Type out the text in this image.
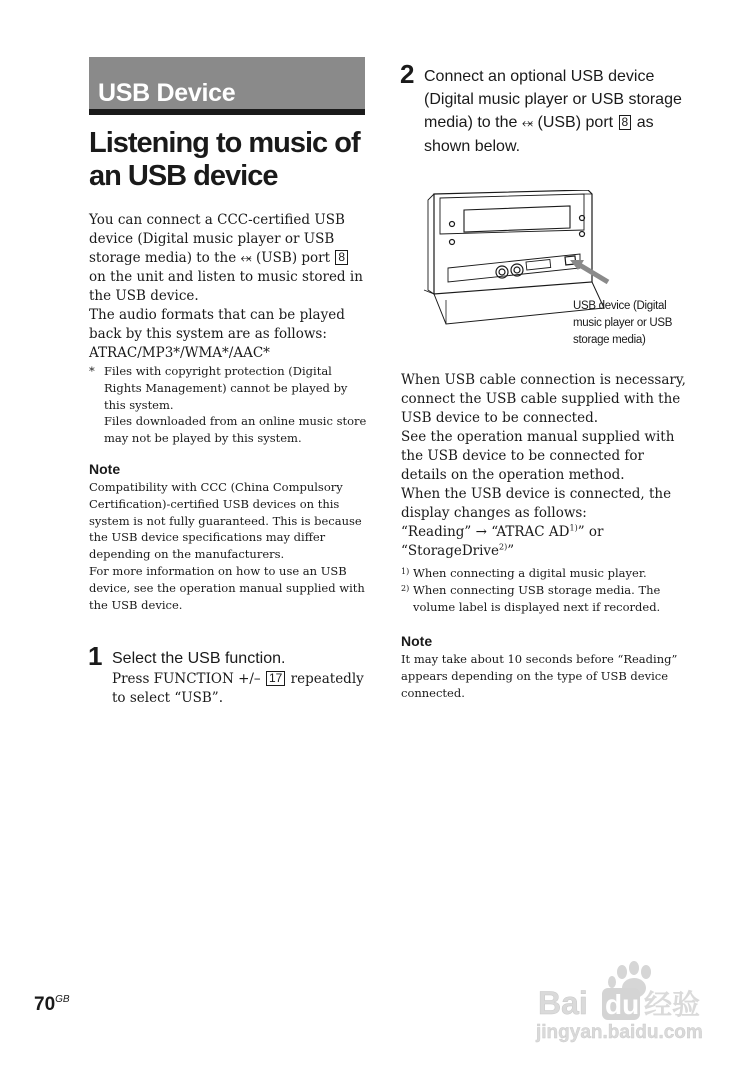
USB Device
Listening to music of an USB device

You can connect a CCC-certified USB device (Digital music player or USB storage media) to the ⬾ (USB) port 8 on the unit and listen to music stored in the USB device.

The audio formats that can be played back by this system are as follows:

ATRAC/MP3*/WMA*/AAC*

* Files with copyright protection (Digital Rights Management) cannot be played by this system.

Files downloaded from an online music store may not be played by this system.

Note

Compatibility with CCC (China Compulsory Certification)-certified USB devices on this system is not fully guaranteed. This is because the USB device specifications may differ depending on the manufacturers.

For more information on how to use an USB device, see the operation manual supplied with the USB device.

1 Select the USB function.

Press FUNCTION +/– 17 repeatedly to select “USB”.

2 Connect an optional USB device (Digital music player or USB storage media) to the ⬾ (USB) port 8 as shown below.

USB device (Digital music player or USB storage media)

When USB cable connection is necessary, connect the USB cable supplied with the USB device to be connected.

See the operation manual supplied with the USB device to be connected for details on the operation method.

When the USB device is connected, the display changes as follows:
“Reading” → “ATRAC AD$^{1)}$” or
“StorageDrive$^{2)}$”

1) When connecting a digital music player.

2) When connecting USB storage media. The volume label is displayed next if recorded.

Note

It may take about 10 seconds before “Reading” appears depending on the type of USB device connected.

$70^{GB}$	Bai du 经验
jingyan.baidu.com
